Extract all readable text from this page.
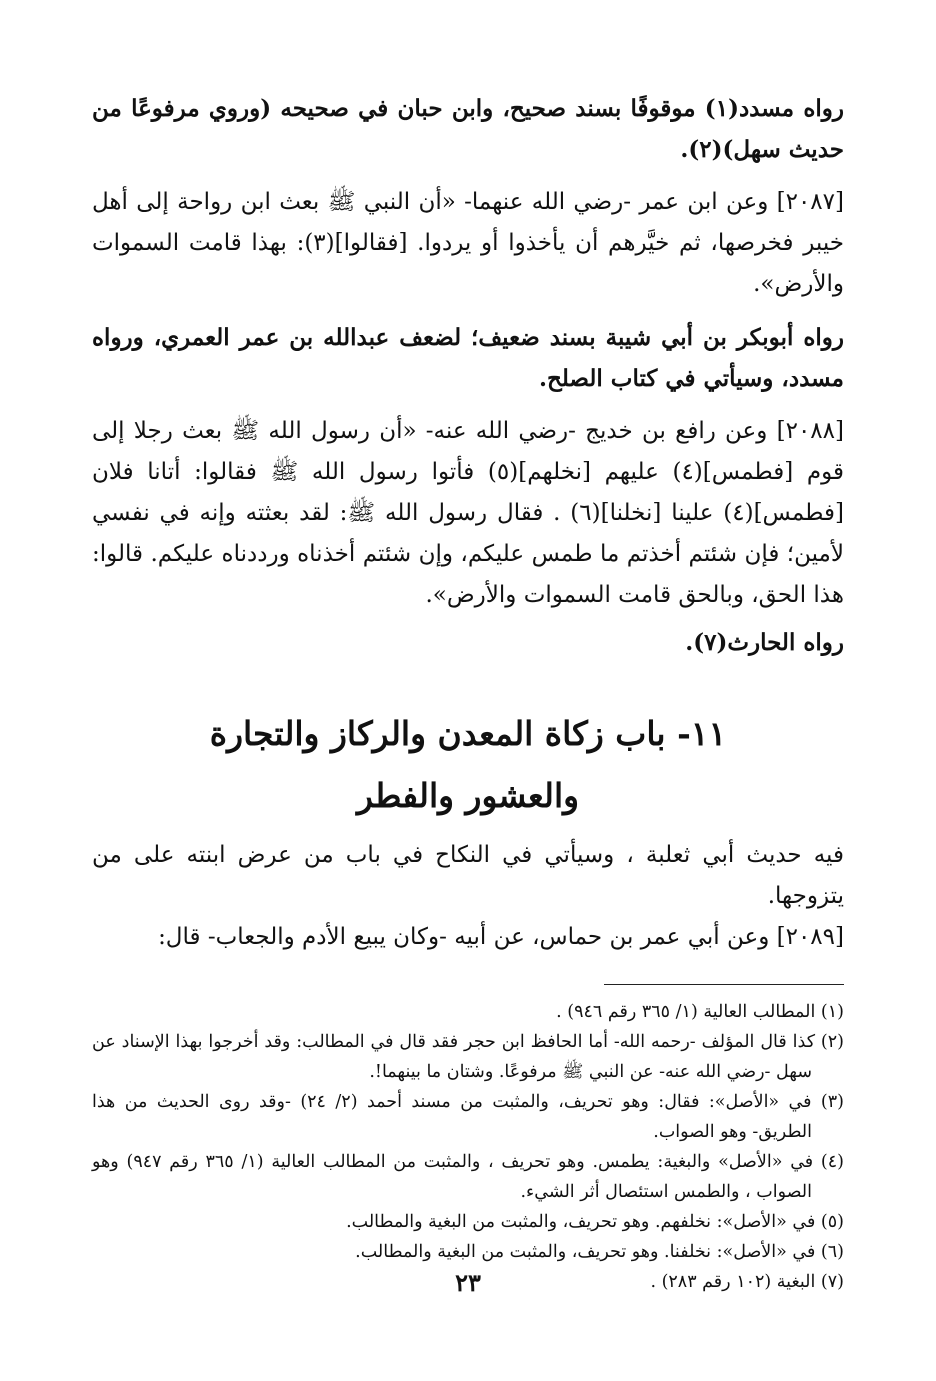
رواه مسدد(١) موقوفًا بسند صحيح، وابن حبان في صحيحه (وروي مرفوعًا من حديث سهل)(٢).

[٢٠٨٧] وعن ابن عمر -رضي الله عنهما- «أن النبي ﷺ بعث ابن رواحة إلى أهل خيبر فخرصها، ثم خيَّرهم أن يأخذوا أو يردوا. [فقالوا](٣): بهذا قامت السموات والأرض».

رواه أبوبكر بن أبي شيبة بسند ضعيف؛ لضعف عبدالله بن عمر العمري، ورواه مسدد، وسيأتي في كتاب الصلح.

[٢٠٨٨] وعن رافع بن خديج -رضي الله عنه- «أن رسول الله ﷺ بعث رجلا إلى قوم [فطمس](٤) عليهم [نخلهم](٥) فأتوا رسول الله ﷺ فقالوا: أتانا فلان [فطمس](٤) علينا [نخلنا](٦) . فقال رسول الله ﷺ: لقد بعثته وإنه في نفسي لأمين؛ فإن شئتم أخذتم ما طمس عليكم، وإن شئتم أخذناه ورددناه عليكم. قالوا: هذا الحق، وبالحق قامت السموات والأرض».

رواه الحارث(٧).

١١- باب زكاة المعدن والركاز والتجارة

والعشور والفطر

فيه حديث أبي ثعلبة ، وسيأتي في النكاح في باب من عرض ابنته على من يتزوجها.

[٢٠٨٩] وعن أبي عمر بن حماس، عن أبيه -وكان يبيع الأدم والجعاب- قال:

(١) المطالب العالية (١/ ٣٦٥ رقم ٩٤٦) .

(٢) كذا قال المؤلف -رحمه الله- أما الحافظ ابن حجر فقد قال في المطالب: وقد أخرجوا بهذا الإسناد عن سهل -رضي الله عنه- عن النبي ﷺ مرفوعًا. وشتان ما بينهما!.

(٣) في «الأصل»: فقال: وهو تحريف، والمثبت من مسند أحمد (٢/ ٢٤) -وقد روى الحديث من هذا الطريق- وهو الصواب.

(٤) في «الأصل» والبغية: يطمس. وهو تحريف ، والمثبت من المطالب العالية (١/ ٣٦٥ رقم ٩٤٧) وهو الصواب ، والطمس استئصال أثر الشيء.

(٥) في «الأصل»: نخلفهم. وهو تحريف، والمثبت من البغية والمطالب.

(٦) في «الأصل»: نخلفنا. وهو تحريف، والمثبت من البغية والمطالب.

(٧) البغية (١٠٢ رقم ٢٨٣) .

٢٣
